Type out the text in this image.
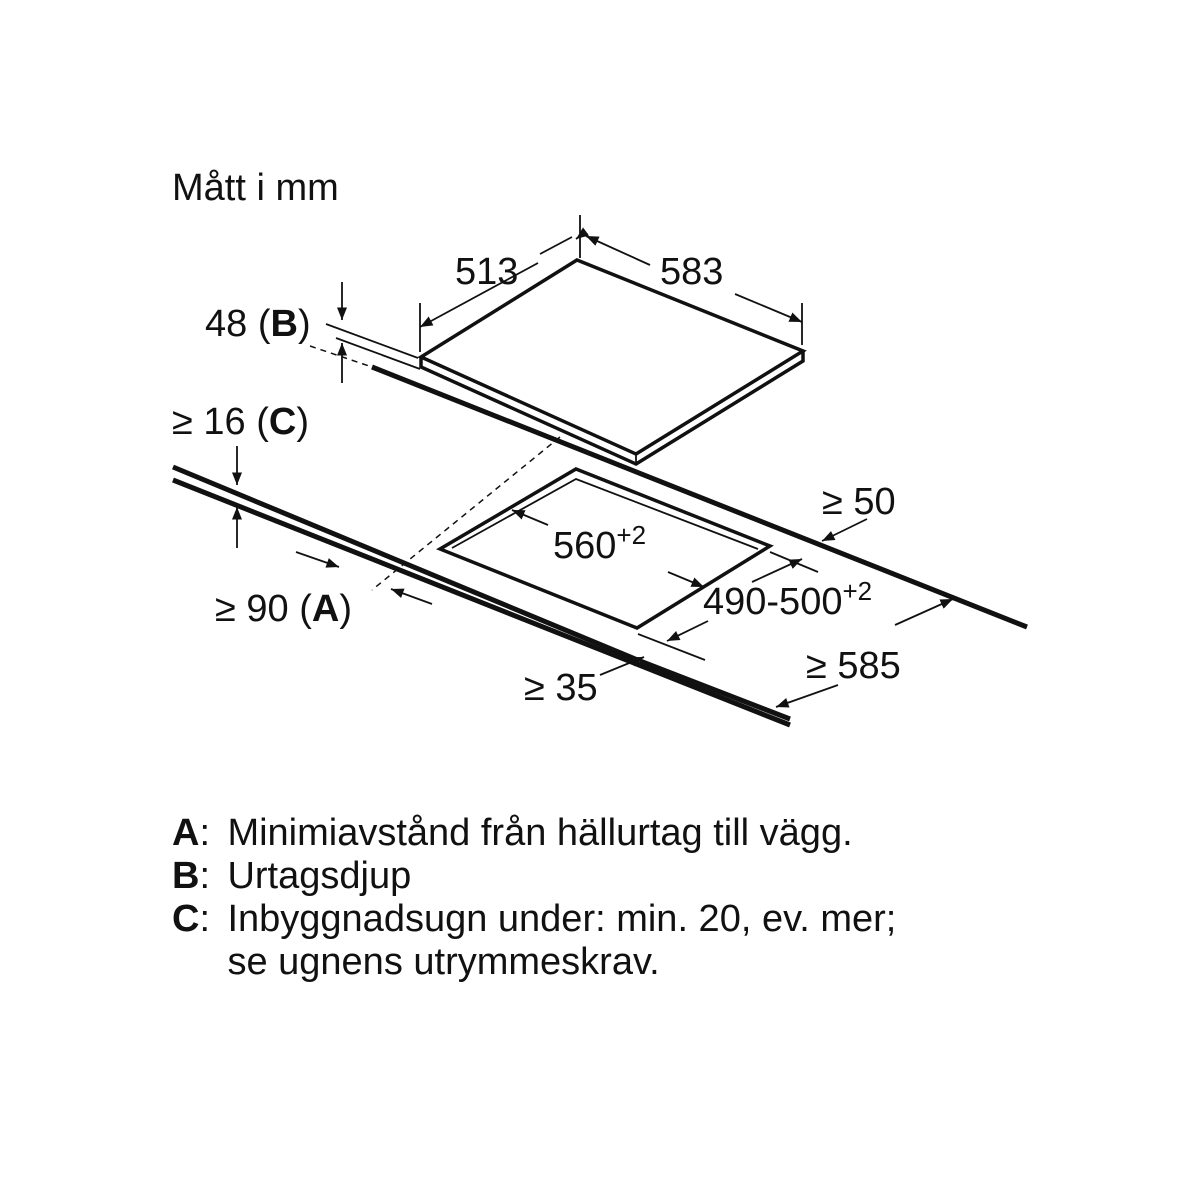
Mått i mm
513	583
48 (B)
≥ 16 (C)
≥ 90 (A)
$560^{+2}$
$490-500^{+2}$
≥ 50
≥ 585
≥ 35
A : Minimiavstånd från hällurtag till vägg.
B : Urtagsdjup
C : Inbyggnadsugn under: min. 20, ev. mer;
se ugnens utrymmeskrav.
